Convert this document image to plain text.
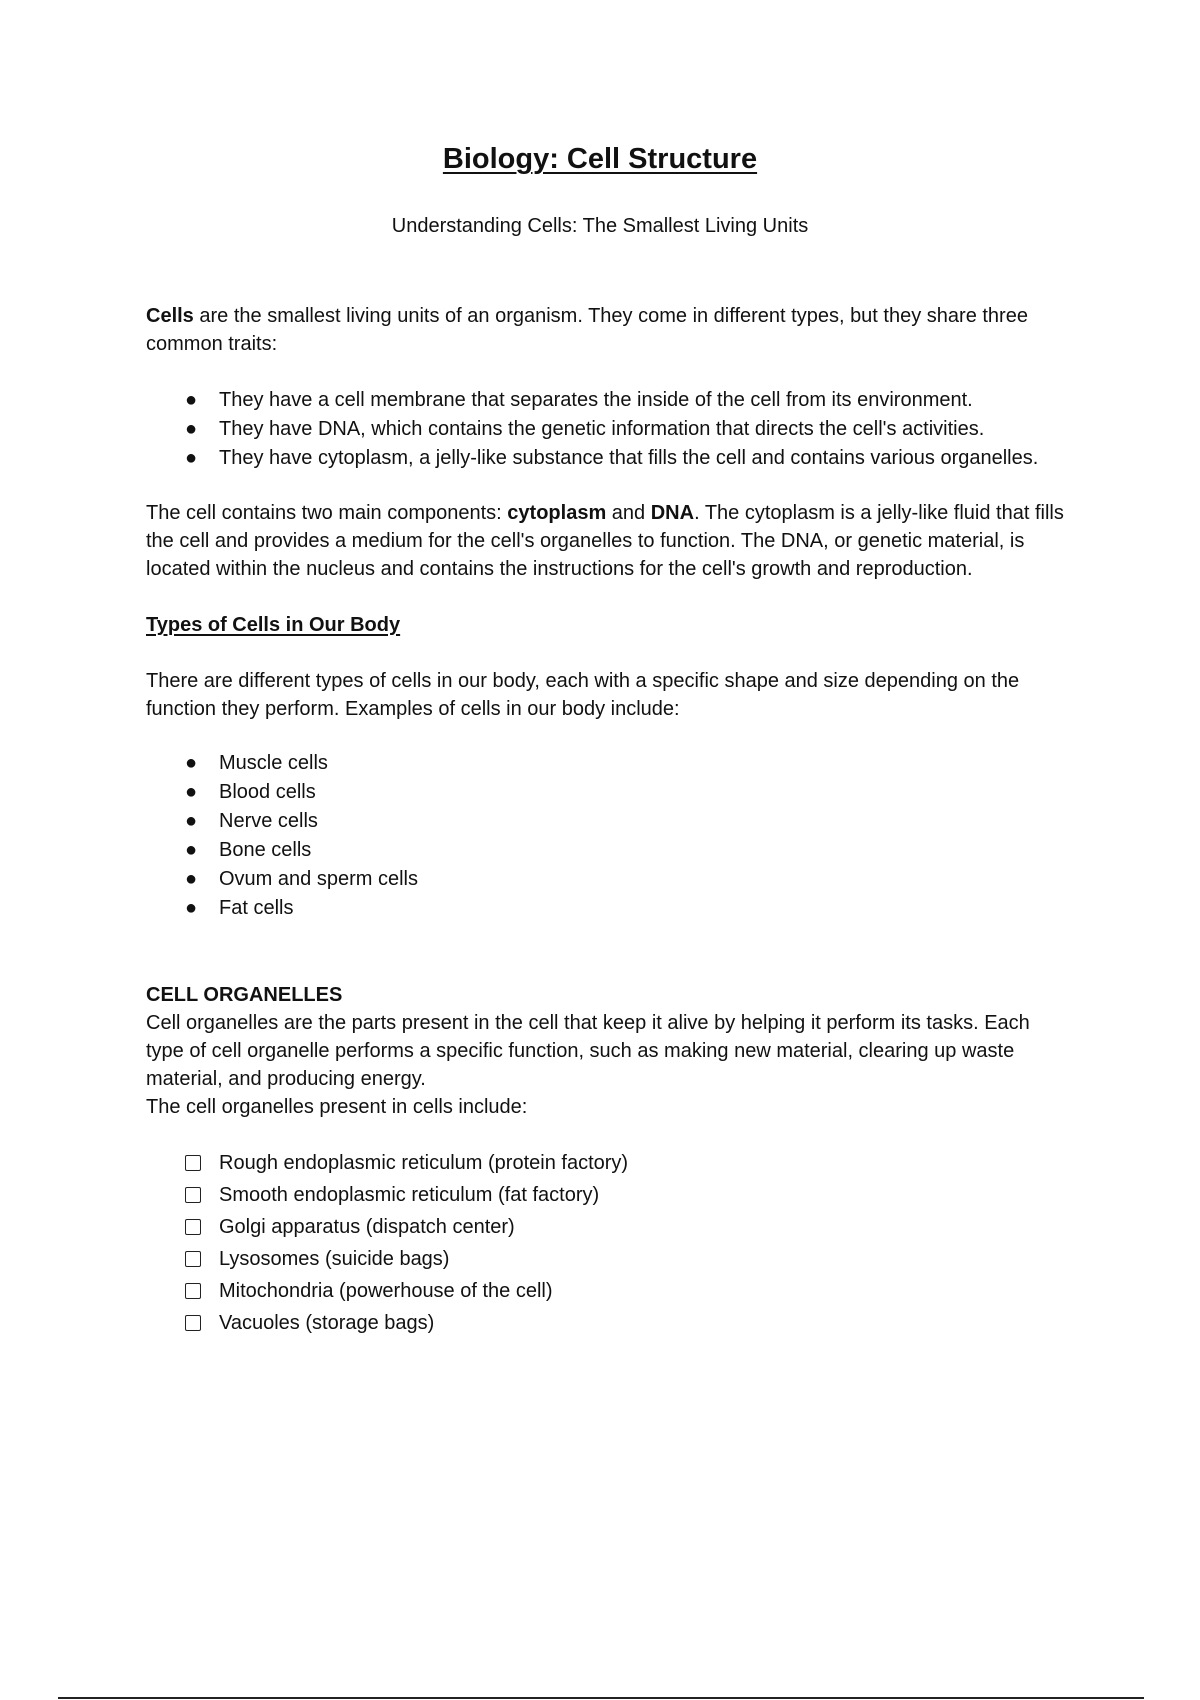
Biology: Cell Structure

Understanding Cells: The Smallest Living Units

Cells are the smallest living units of an organism. They come in different types, but they share three common traits:

● They have a cell membrane that separates the inside of the cell from its environment.
● They have DNA, which contains the genetic information that directs the cell's activities.
● They have cytoplasm, a jelly-like substance that fills the cell and contains various organelles.

The cell contains two main components: cytoplasm and DNA. The cytoplasm is a jelly-like fluid that fills the cell and provides a medium for the cell's organelles to function. The DNA, or genetic material, is located within the nucleus and contains the instructions for the cell's growth and reproduction.

Types of Cells in Our Body

There are different types of cells in our body, each with a specific shape and size depending on the function they perform. Examples of cells in our body include:

● Muscle cells
● Blood cells
● Nerve cells
● Bone cells
● Ovum and sperm cells
● Fat cells

CELL ORGANELLES

Cell organelles are the parts present in the cell that keep it alive by helping it perform its tasks. Each type of cell organelle performs a specific function, such as making new material, clearing up waste material, and producing energy.

The cell organelles present in cells include:

Rough endoplasmic reticulum (protein factory)
Smooth endoplasmic reticulum (fat factory)
Golgi apparatus (dispatch center)
Lysosomes (suicide bags)
Mitochondria (powerhouse of the cell)
Vacuoles (storage bags)
